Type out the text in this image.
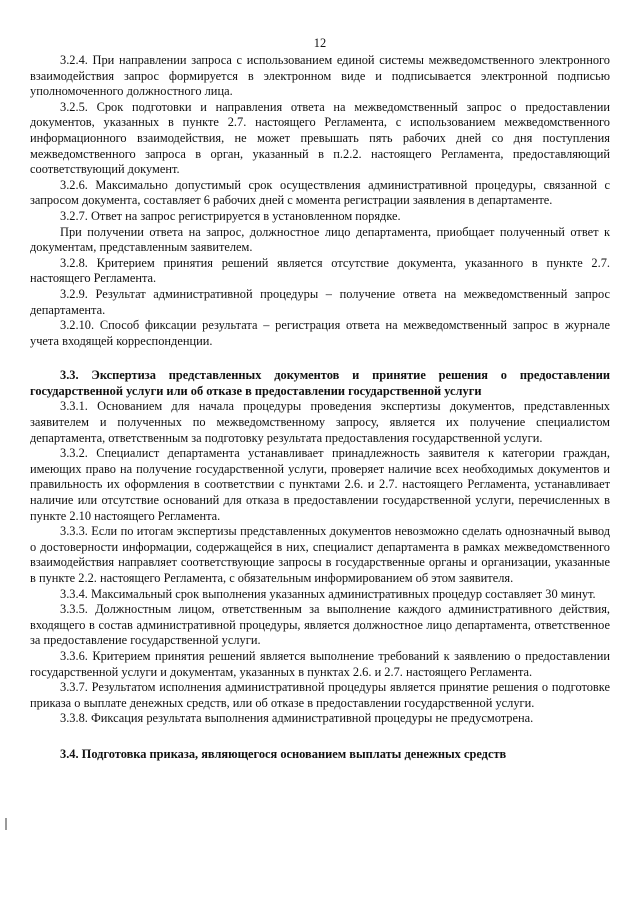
12

3.2.4. При направлении запроса с использованием единой системы межведомственного электронного взаимодействия запрос формируется в электронном виде и подписывается электронной подписью уполномоченного должностного лица.

3.2.5. Срок подготовки и направления ответа на межведомственный запрос о предоставлении документов, указанных в пункте 2.7. настоящего Регламента, с использованием межведомственного информационного взаимодействия, не может превышать пять рабочих дней со дня поступления межведомственного запроса в орган, указанный в п.2.2. настоящего Регламента, предоставляющий соответствующий документ.

3.2.6. Максимально допустимый срок осуществления административной процедуры, связанной с запросом документа, составляет 6 рабочих дней с момента регистрации заявления в департаменте.

3.2.7. Ответ на запрос регистрируется в установленном порядке.

При получении ответа на запрос, должностное лицо департамента, приобщает полученный ответ к документам, представленным заявителем.

3.2.8. Критерием принятия решений является отсутствие документа, указанного в пункте 2.7. настоящего Регламента.

3.2.9. Результат административной процедуры – получение ответа на межведомственный запрос департамента.

3.2.10. Способ фиксации результата – регистрация ответа на межведомственный запрос в журнале учета входящей корреспонденции.

3.3. Экспертиза представленных документов и принятие решения о предоставлении государственной услуги или об отказе в предоставлении государственной услуги

3.3.1. Основанием для начала процедуры проведения экспертизы документов, представленных заявителем и полученных по межведомственному запросу, является их получение специалистом департамента, ответственным за подготовку результата предоставления государственной услуги.

3.3.2. Специалист департамента устанавливает принадлежность заявителя к категории граждан, имеющих право на получение государственной услуги, проверяет наличие всех необходимых документов и правильность их оформления в соответствии с пунктами 2.6. и 2.7. настоящего Регламента, устанавливает наличие или отсутствие оснований для отказа в предоставлении государственной услуги, перечисленных в пункте 2.10 настоящего Регламента.

3.3.3. Если по итогам экспертизы представленных документов невозможно сделать однозначный вывод о достоверности информации, содержащейся в них, специалист департамента в рамках межведомственного взаимодействия направляет соответствующие запросы в государственные органы и организации, указанные в пункте 2.2. настоящего Регламента, с обязательным информированием об этом заявителя.

3.3.4. Максимальный срок выполнения указанных административных процедур составляет 30 минут.

3.3.5. Должностным лицом, ответственным за выполнение каждого административного действия, входящего в состав административной процедуры, является должностное лицо департамента, ответственное за предоставление государственной услуги.

3.3.6. Критерием принятия решений является выполнение требований к заявлению о предоставлении государственной услуги и документам, указанных в пунктах 2.6. и 2.7. настоящего Регламента.

3.3.7. Результатом исполнения административной процедуры является принятие решения о подготовке приказа о выплате денежных средств, или об отказе в предоставлении государственной услуги.

3.3.8. Фиксация результата выполнения административной процедуры не предусмотрена.

3.4. Подготовка приказа, являющегося основанием выплаты денежных средств
